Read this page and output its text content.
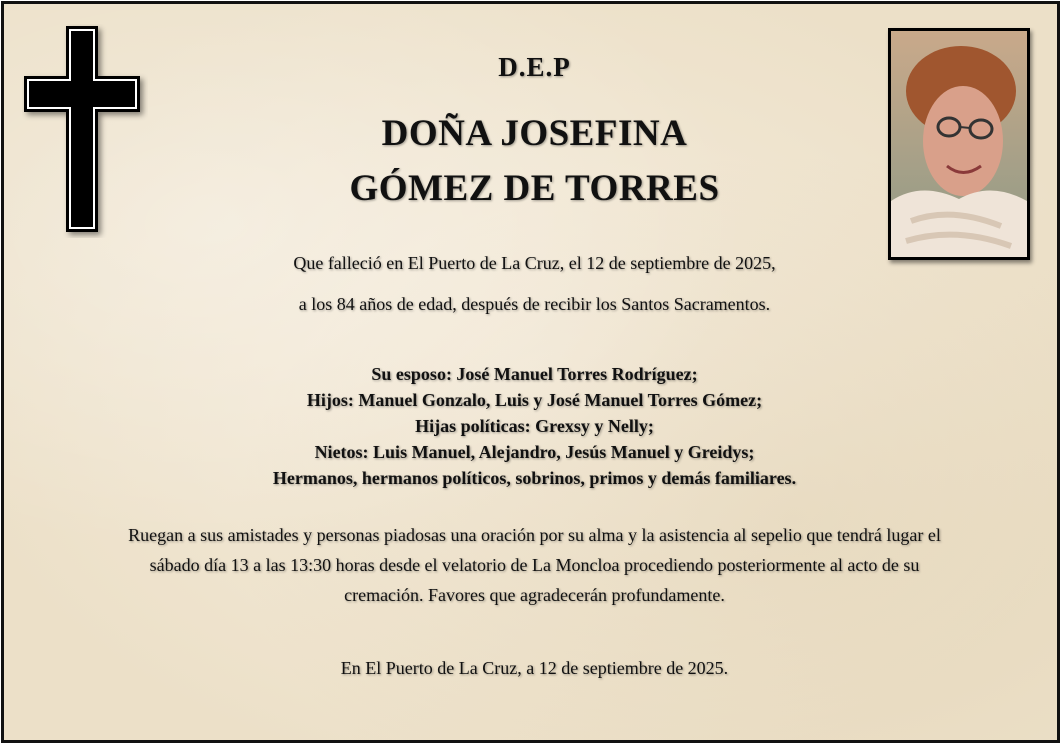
D.E.P
DOÑA JOSEFINA
GÓMEZ DE TORRES
Que falleció en El Puerto de La Cruz, el 12 de septiembre de 2025,
a los 84 años de edad, después de recibir los Santos Sacramentos.
Su esposo: José Manuel Torres Rodríguez;
Hijos: Manuel Gonzalo, Luis y José Manuel Torres Gómez;
Hijas políticas: Grexsy y Nelly;
Nietos: Luis Manuel, Alejandro, Jesús Manuel y Greidys;
Hermanos, hermanos políticos, sobrinos, primos y demás familiares.
Ruegan a sus amistades y personas piadosas una oración por su alma y la asistencia al sepelio que tendrá lugar el
sábado día 13 a las 13:30 horas desde el velatorio de La Moncloa procediendo posteriormente al acto de su
cremación. Favores que agradecerán profundamente.
En El Puerto de La Cruz, a 12 de septiembre de 2025.
